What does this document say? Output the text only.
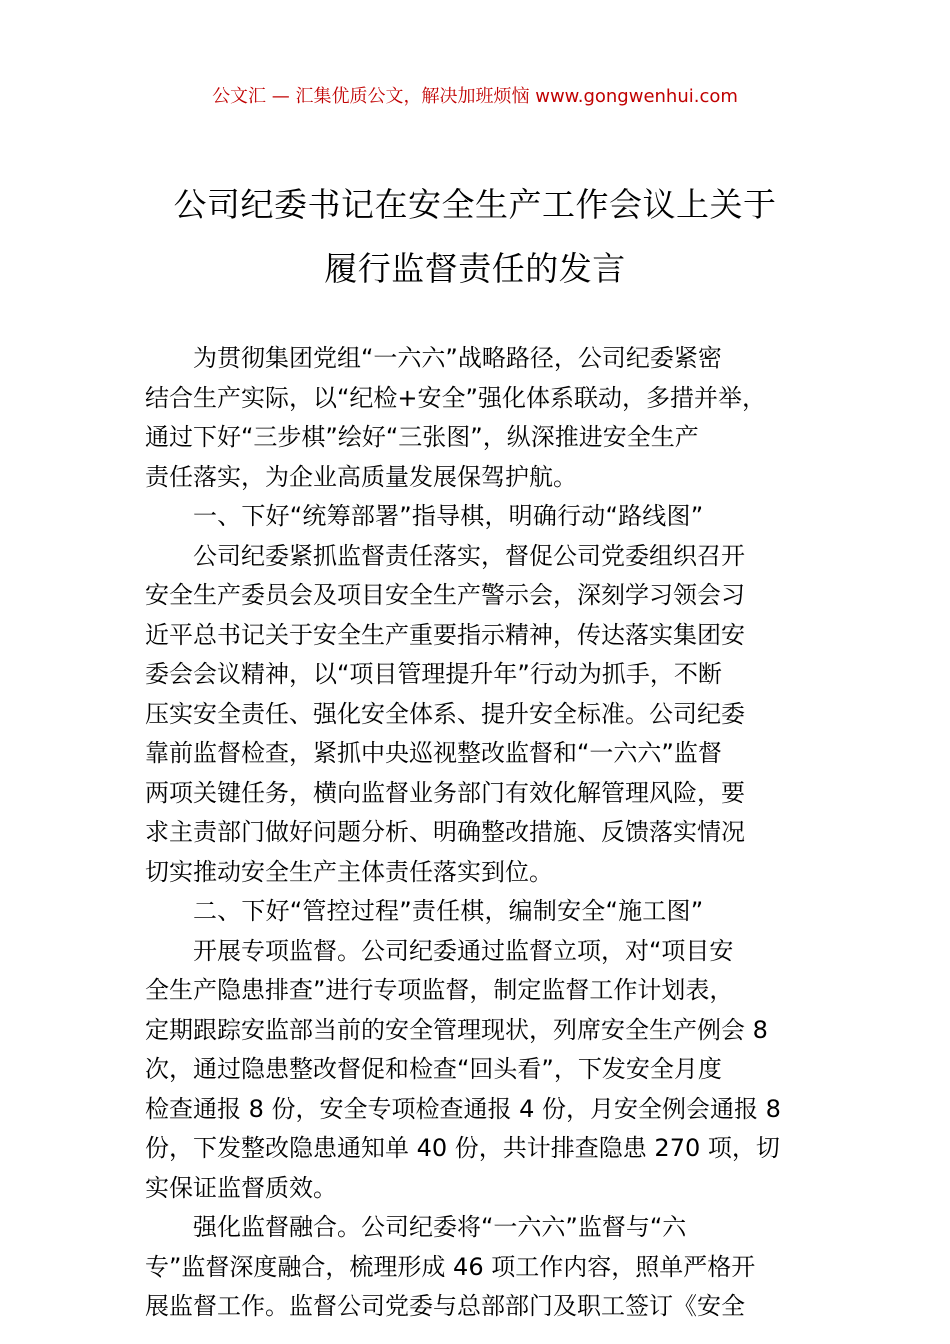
公文汇 — 汇集优质公文，解决加班烦恼 www.gongwenhui.com
公司纪委书记在安全生产工作会议上关于
履行监督责任的发言
为贯彻集团党组“一六六”战略路径，公司纪委紧密
结合生产实际，以“纪检+安全”强化体系联动，多措并举，
通过下好“三步棋”绘好“三张图”，纵深推进安全生产
责任落实，为企业高质量发展保驾护航。
一、下好“统筹部署”指导棋，明确行动“路线图”
公司纪委紧抓监督责任落实，督促公司党委组织召开
安全生产委员会及项目安全生产警示会，深刻学习领会习
近平总书记关于安全生产重要指示精神，传达落实集团安
委会会议精神，以“项目管理提升年”行动为抓手，不断
压实安全责任、强化安全体系、提升安全标准。公司纪委
靠前监督检查，紧抓中央巡视整改监督和“一六六”监督
两项关键任务，横向监督业务部门有效化解管理风险，要
求主责部门做好问题分析、明确整改措施、反馈落实情况
切实推动安全生产主体责任落实到位。
二、下好“管控过程”责任棋，编制安全“施工图”
开展专项监督。公司纪委通过监督立项，对“项目安
全生产隐患排查”进行专项监督，制定监督工作计划表，
定期跟踪安监部当前的安全管理现状，列席安全生产例会 8
次，通过隐患整改督促和检查“回头看”，下发安全月度
检查通报 8 份，安全专项检查通报 4 份，月安全例会通报 8
份，下发整改隐患通知单 40 份，共计排查隐患 270 项，切
实保证监督质效。
强化监督融合。公司纪委将“一六六”监督与“六
专”监督深度融合，梳理形成 46 项工作内容，照单严格开
展监督工作。监督公司党委与总部部门及职工签订《安全
